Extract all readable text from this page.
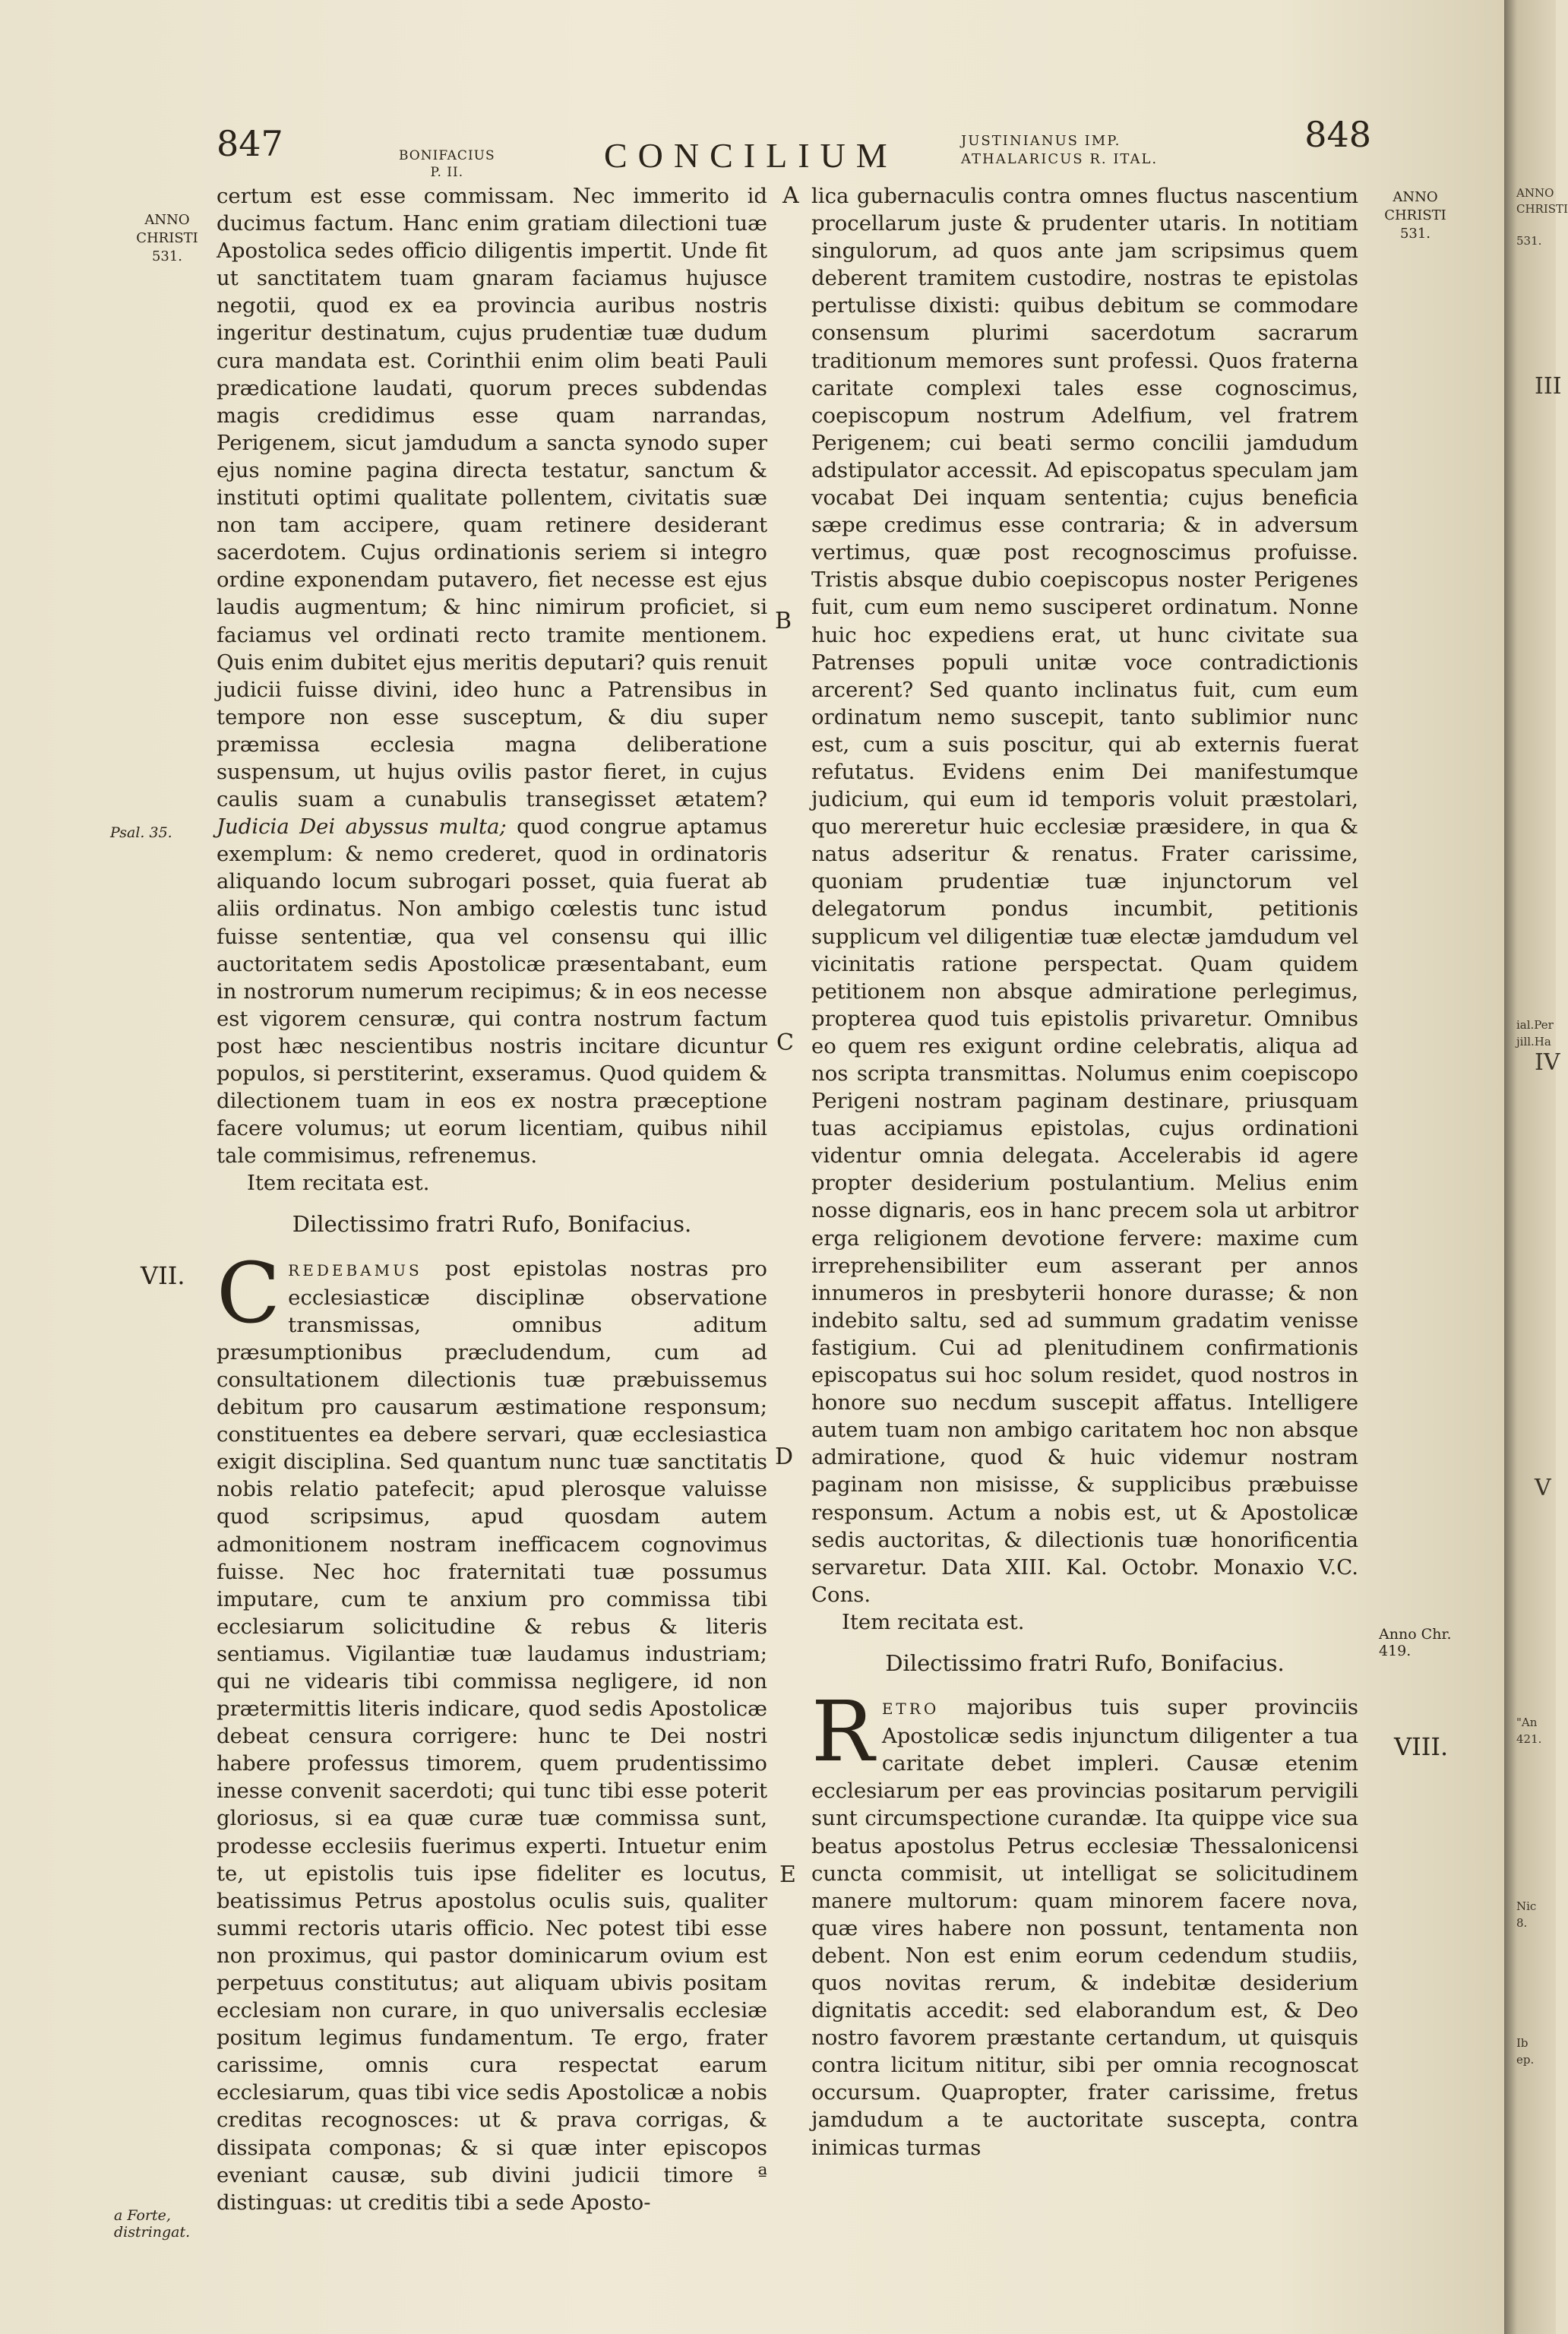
847	BONIFACIUS
P. II.	CONCILIUM	JUSTINIANUS IMP.
ATHALARICUS R. ITAL.
848
ANNO CHRISTI 531.
ANNO CHRISTI 531.
Psal. 35.
a Forte, distringat.
Anno Chr. 419.
A
B
C
D
E
VII.
VIII.

certum est esse commissam. Nec immerito id ducimus factum. Hanc enim gratiam dilectioni tuæ Apostolica sedes officio diligentis impertit. Unde fit ut sanctitatem tuam gnaram faciamus hujusce negotii, quod ex ea provincia auribus nostris ingeritur destinatum, cujus prudentiæ tuæ dudum cura mandata est. Corinthii enim olim beati Pauli prædicatione laudati, quorum preces subdendas magis credidimus esse quam narrandas, Perigenem, sicut jamdudum a sancta synodo super ejus nomine pagina directa testatur, sanctum & instituti optimi qualitate pollentem, civitatis suæ non tam accipere, quam retinere desiderant sacerdotem. Cujus ordinationis seriem si integro ordine exponendam putavero, fiet necesse est ejus laudis augmentum; & hinc nimirum proficiet, si faciamus vel ordinati recto tramite mentionem. Quis enim dubitet ejus meritis deputari? quis renuit judicii fuisse divini, ideo hunc a Patrensibus in tempore non esse susceptum, & diu super præmissa ecclesia magna deliberatione suspensum, ut hujus ovilis pastor fieret, in cujus caulis suam a cunabulis transegisset ætatem? Judicia Dei abyssus multa; quod congrue aptamus exemplum: & nemo crederet, quod in ordinatoris aliquando locum subrogari posset, quia fuerat ab aliis ordinatus. Non ambigo cœlestis tunc istud fuisse sententiæ, qua vel consensu qui illic auctoritatem sedis Apostolicæ præsentabant, eum in nostrorum numerum recipimus; & in eos necesse est vigorem censuræ, qui contra nostrum factum post hæc nescientibus nostris incitare dicuntur populos, si perstiterint, exseramus. Quod quidem & dilectionem tuam in eos ex nostra præceptione facere volumus; ut eorum licentiam, quibus nihil tale commisimus, refrenemus.

Item recitata est.

Dilectissimo fratri Rufo, Bonifacius.

CREDEBAMUS post epistolas nostras pro ecclesiasticæ disciplinæ observatione transmissas, omnibus aditum præsumptionibus præcludendum, cum ad consultationem dilectionis tuæ præbuissemus debitum pro causarum æstimatione responsum; constituentes ea debere servari, quæ ecclesiastica exigit disciplina. Sed quantum nunc tuæ sanctitatis nobis relatio patefecit; apud plerosque valuisse quod scripsimus, apud quosdam autem admonitionem nostram inefficacem cognovimus fuisse. Nec hoc fraternitati tuæ possumus imputare, cum te anxium pro commissa tibi ecclesiarum solicitudine & rebus & literis sentiamus. Vigilantiæ tuæ laudamus industriam; qui ne videaris tibi commissa negligere, id non prætermittis literis indicare, quod sedis Apostolicæ debeat censura corrigere: hunc te Dei nostri habere professus timorem, quem prudentissimo inesse convenit sacerdoti; qui tunc tibi esse poterit gloriosus, si ea quæ curæ tuæ commissa sunt, prodesse ecclesiis fuerimus experti. Intuetur enim te, ut epistolis tuis ipse fideliter es locutus, beatissimus Petrus apostolus oculis suis, qualiter summi rectoris utaris officio. Nec potest tibi esse non proximus, qui pastor dominicarum ovium est perpetuus constitutus; aut aliquam ubivis positam ecclesiam non curare, in quo universalis ecclesiæ positum legimus fundamentum. Te ergo, frater carissime, omnis cura respectat earum ecclesiarum, quas tibi vice sedis Apostolicæ a nobis creditas recognosces: ut & prava corrigas, & dissipata componas; & si quæ inter episcopos eveniant causæ, sub divini judicii timore ª distinguas: ut creditis tibi a sede Aposto-

lica gubernaculis contra omnes fluctus nascentium procellarum juste & prudenter utaris. In notitiam singulorum, ad quos ante jam scripsimus quem deberent tramitem custodire, nostras te epistolas pertulisse dixisti: quibus debitum se commodare consensum plurimi sacerdotum sacrarum traditionum memores sunt professi. Quos fraterna caritate complexi tales esse cognoscimus, coepiscopum nostrum Adelfium, vel fratrem Perigenem; cui beati sermo concilii jamdudum adstipulator accessit. Ad episcopatus speculam jam vocabat Dei inquam sententia; cujus beneficia sæpe credimus esse contraria; & in adversum vertimus, quæ post recognoscimus profuisse. Tristis absque dubio coepiscopus noster Perigenes fuit, cum eum nemo susciperet ordinatum. Nonne huic hoc expediens erat, ut hunc civitate sua Patrenses populi unitæ voce contradictionis arcerent? Sed quanto inclinatus fuit, cum eum ordinatum nemo suscepit, tanto sublimior nunc est, cum a suis poscitur, qui ab externis fuerat refutatus. Evidens enim Dei manifestumque judicium, qui eum id temporis voluit præstolari, quo mereretur huic ecclesiæ præsidere, in qua & natus adseritur & renatus. Frater carissime, quoniam prudentiæ tuæ injunctorum vel delegatorum pondus incumbit, petitionis supplicum vel diligentiæ tuæ electæ jamdudum vel vicinitatis ratione perspectat. Quam quidem petitionem non absque admiratione perlegimus, propterea quod tuis epistolis privaretur. Omnibus eo quem res exigunt ordine celebratis, aliqua ad nos scripta transmittas. Nolumus enim coepiscopo Perigeni nostram paginam destinare, priusquam tuas accipiamus epistolas, cujus ordinationi videntur omnia delegata. Accelerabis id agere propter desiderium postulantium. Melius enim nosse dignaris, eos in hanc precem sola ut arbitror erga religionem devotione fervere: maxime cum irreprehensibiliter eum asserant per annos innumeros in presbyterii honore durasse; & non indebito saltu, sed ad summum gradatim venisse fastigium. Cui ad plenitudinem confirmationis episcopatus sui hoc solum residet, quod nostros in honore suo necdum suscepit affatus. Intelligere autem tuam non ambigo caritatem hoc non absque admiratione, quod & huic videmur nostram paginam non misisse, & supplicibus præbuisse responsum. Actum a nobis est, ut & Apostolicæ sedis auctoritas, & dilectionis tuæ honorificentia servaretur. Data XIII. Kal. Octobr. Monaxio V.C. Cons.

Item recitata est.

Dilectissimo fratri Rufo, Bonifacius.

RETRO majoribus tuis super provinciis Apostolicæ sedis injunctum diligenter a tua caritate debet impleri. Causæ etenim ecclesiarum per eas provincias positarum pervigili sunt circumspectione curandæ. Ita quippe vice sua beatus apostolus Petrus ecclesiæ Thessalonicensi cuncta commisit, ut intelligat se solicitudinem manere multorum: quam minorem facere nova, quæ vires habere non possunt, tentamenta non debent. Non est enim eorum cedendum studiis, quos novitas rerum, & indebitæ desiderium dignitatis accedit: sed elaborandum est, & Deo nostro favorem præstante certandum, ut quisquis contra licitum nititur, sibi per omnia recognoscat occursum. Quapropter, frater carissime, fretus jamdudum a te auctoritate suscepta, contra inimicas turmas

ANNO
CHRISTI
531.
III
IV
ial.Per
jill.Ha
V
"An
421.
Nic
8.
Ib
ep.
